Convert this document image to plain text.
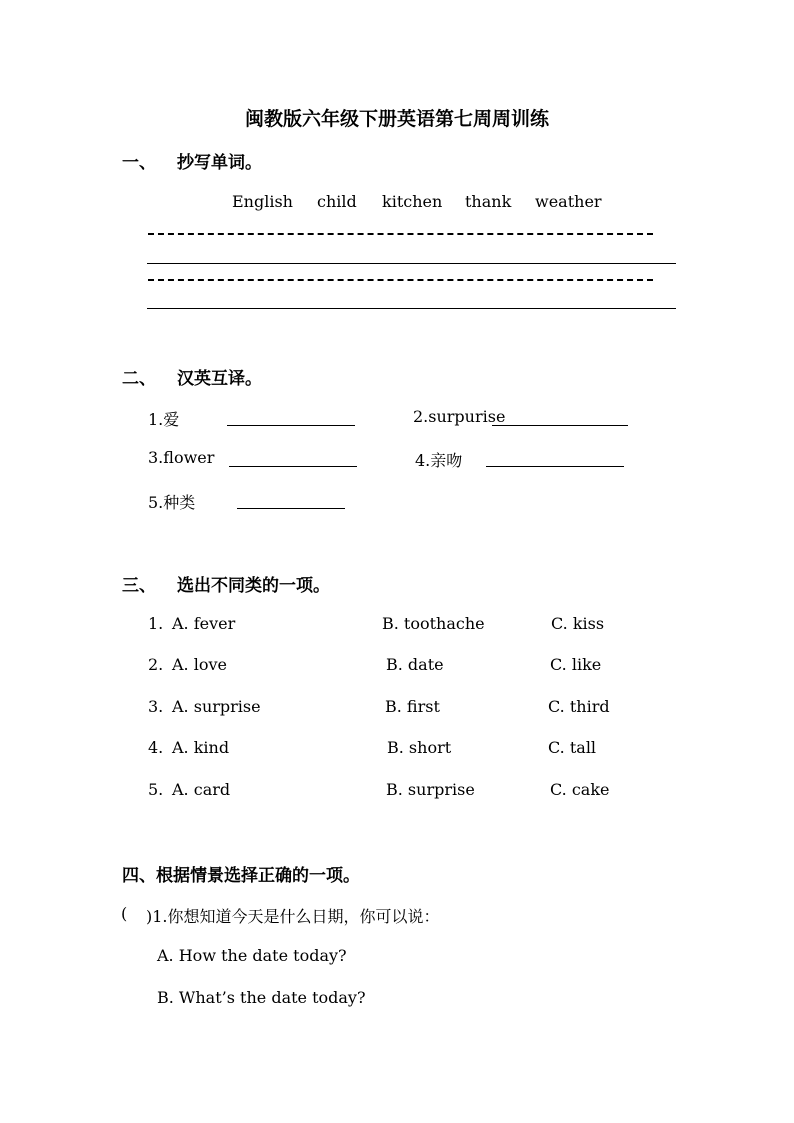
闽教版六年级下册英语第七周周训练
一、 抄写单词。
English child kitchen thank weather
二、 汉英互译。
1.爱	2.surpurise
3.flower	4.亲吻
5.种类
三、 选出不同类的一项。
1. A. fever	B. toothache	C. kiss
2. A. love	B. date	C. like
3. A. surprise	B. first	C. third
4. A. kind	B. short	C. tall
5. A. card	B. surprise	C. cake
四、根据情景选择正确的一项。
( )1.你想知道今天是什么日期，你可以说：
A. How the date today?
B. What’s the date today?
